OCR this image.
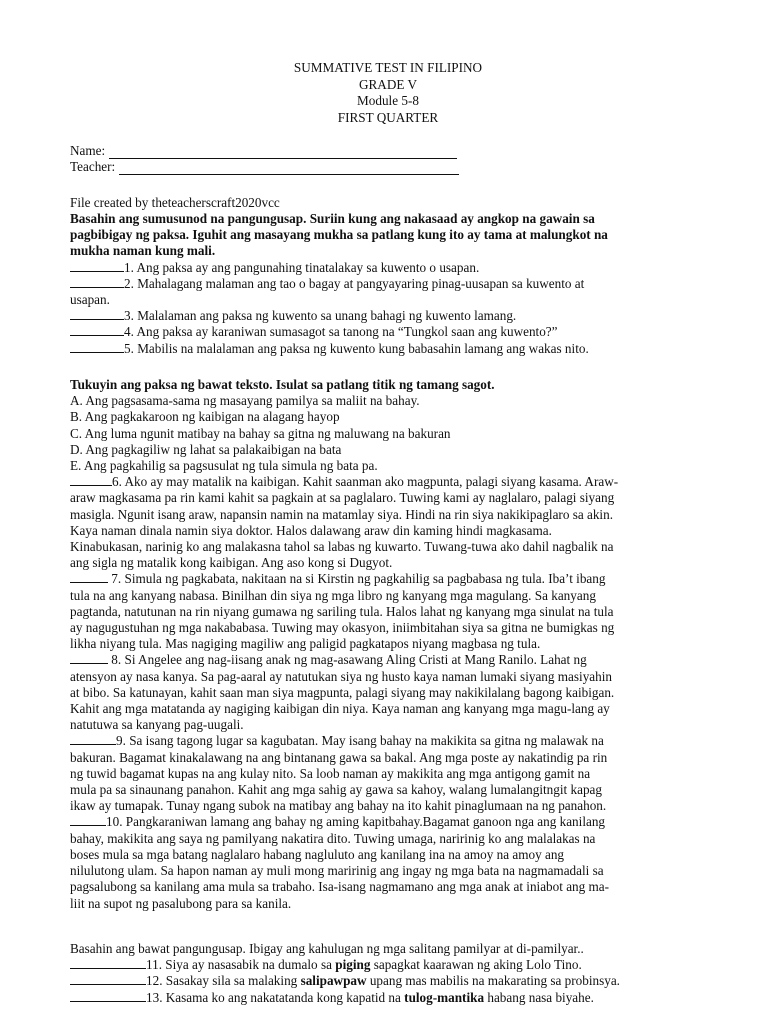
SUMMATIVE TEST IN FILIPINO
GRADE V
Module 5-8
FIRST QUARTER
Name:
Teacher:
File created by theteacherscraft2020vcc
Basahin ang sumusunod na pangungusap. Suriin kung ang nakasaad ay angkop na gawain sa
pagbibigay ng paksa. Iguhit ang masayang mukha sa patlang kung ito ay tama at malungkot na
mukha naman kung mali.
1. Ang paksa ay ang pangunahing tinatalakay sa kuwento o usapan.
2. Mahalagang malaman ang tao o bagay at pangyayaring pinag-uusapan sa kuwento at
usapan.
3. Malalaman ang paksa ng kuwento sa unang bahagi ng kuwento lamang.
4. Ang paksa ay karaniwan sumasagot sa tanong na “Tungkol saan ang kuwento?”
5. Mabilis na malalaman ang paksa ng kuwento kung babasahin lamang ang wakas nito.
Tukuyin ang paksa ng bawat teksto. Isulat sa patlang titik ng tamang sagot.
A. Ang pagsasama-sama ng masayang pamilya sa maliit na bahay.
B. Ang pagkakaroon ng kaibigan na alagang hayop
C. Ang luma ngunit matibay na bahay sa gitna ng maluwang na bakuran
D. Ang pagkagiliw ng lahat sa palakaibigan na bata
E. Ang pagkahilig sa pagsusulat ng tula simula ng bata pa.
6. Ako ay may matalik na kaibigan. Kahit saanman ako magpunta, palagi siyang kasama. Araw-
araw magkasama pa rin kami kahit sa pagkain at sa paglalaro. Tuwing kami ay naglalaro, palagi siyang
masigla. Ngunit isang araw, napansin namin na matamlay siya. Hindi na rin siya nakikipaglaro sa akin.
Kaya naman dinala namin siya doktor. Halos dalawang araw din kaming hindi magkasama.
Kinabukasan, narinig ko ang malakasna tahol sa labas ng kuwarto. Tuwang-tuwa ako dahil nagbalik na
ang sigla ng matalik kong kaibigan. Ang aso kong si Dugyot.
7. Simula ng pagkabata, nakitaan na si Kirstin ng pagkahilig sa pagbabasa ng tula. Iba’t ibang
tula na ang kanyang nabasa. Binilhan din siya ng mga libro ng kanyang mga magulang. Sa kanyang
pagtanda, natutunan na rin niyang gumawa ng sariling tula. Halos lahat ng kanyang mga sinulat na tula
ay nagugustuhan ng mga nakababasa. Tuwing may okasyon, iniimbitahan siya sa gitna ne bumigkas ng
likha niyang tula. Mas nagiging magiliw ang paligid pagkatapos niyang magbasa ng tula.
8. Si Angelee ang nag-iisang anak ng mag-asawang Aling Cristi at Mang Ranilo. Lahat ng
atensyon ay nasa kanya. Sa pag-aaral ay natutukan siya ng husto kaya naman lumaki siyang masiyahin
at bibo. Sa katunayan, kahit saan man siya magpunta, palagi siyang may nakikilalang bagong kaibigan.
Kahit ang mga matatanda ay nagiging kaibigan din niya. Kaya naman ang kanyang mga magu-lang ay
natutuwa sa kanyang pag-uugali.
9. Sa isang tagong lugar sa kagubatan. May isang bahay na makikita sa gitna ng malawak na
bakuran. Bagamat kinakalawang na ang bintanang gawa sa bakal. Ang mga poste ay nakatindig pa rin
ng tuwid bagamat kupas na ang kulay nito. Sa loob naman ay makikita ang mga antigong gamit na
mula pa sa sinaunang panahon. Kahit ang mga sahig ay gawa sa kahoy, walang lumalangitngit kapag
ikaw ay tumapak. Tunay ngang subok na matibay ang bahay na ito kahit pinaglumaan na ng panahon.
10. Pangkaraniwan lamang ang bahay ng aming kapitbahay.Bagamat ganoon nga ang kanilang
bahay, makikita ang saya ng pamilyang nakatira dito. Tuwing umaga, naririnig ko ang malalakas na
boses mula sa mga batang naglalaro habang nagluluto ang kanilang ina na amoy na amoy ang
nilulutong ulam. Sa hapon naman ay muli mong maririnig ang ingay ng mga bata na nagmamadali sa
pagsalubong sa kanilang ama mula sa trabaho. Isa-isang nagmamano ang mga anak at iniabot ang ma-
liit na supot ng pasalubong para sa kanila.
Basahin ang bawat pangungusap. Ibigay ang kahulugan ng mga salitang pamilyar at di-pamilyar..
11. Siya ay nasasabik na dumalo sa piging sapagkat kaarawan ng aking Lolo Tino.
12. Sasakay sila sa malaking salipawpaw upang mas mabilis na makarating sa probinsya.
13. Kasama ko ang nakatatanda kong kapatid na tulog-mantika habang nasa biyahe.
